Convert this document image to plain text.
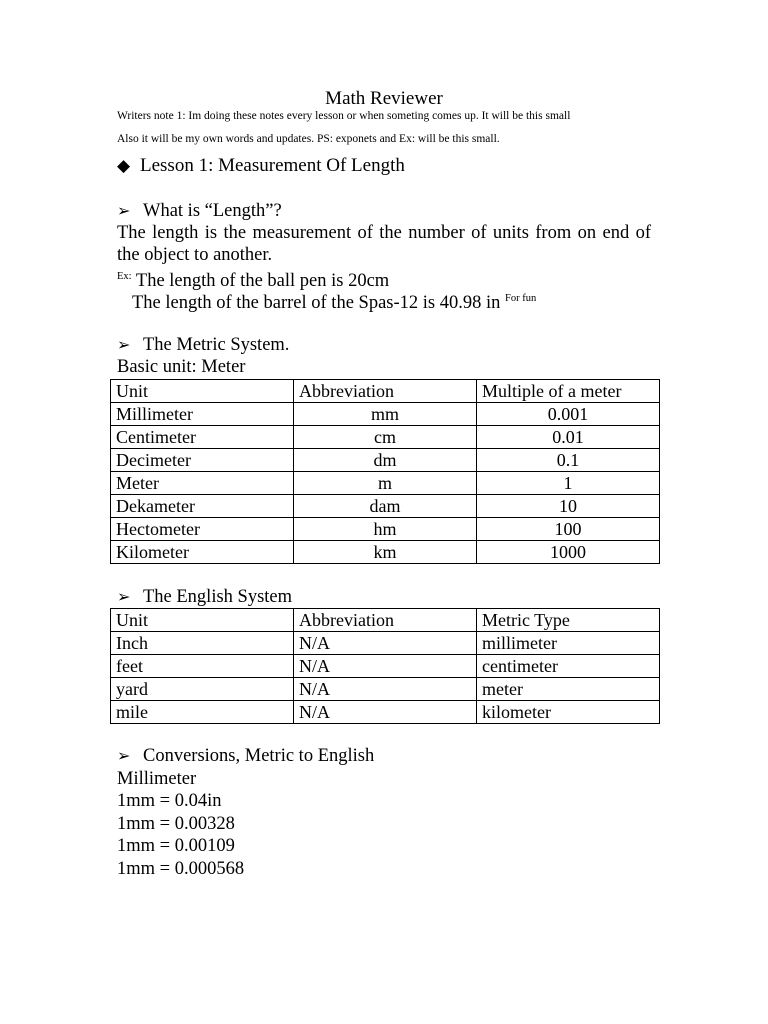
Math Reviewer
Writers note 1: Im doing these notes every lesson or when someting comes up. It will be this small
Also it will be my own words and updates. PS: exponets and Ex: will be this small.
◆ Lesson 1: Measurement Of Length
➢ What is “Length”?
The length is the measurement of the number of units from on end of the object to another.
$^{Ex:}$ The length of the ball pen is 20cm
The length of the barrel of the Spas-12 is 40.98 in $^{For fun}$
➢ The Metric System.
Basic unit: Meter
Unit	Abbreviation	Multiple of a meter
Millimeter	mm	0.001
Centimeter	cm	0.01
Decimeter	dm	0.1
Meter	m	1
Dekameter	dam	10
Hectometer	hm	100
Kilometer	km	1000
➢ The English System
Unit	Abbreviation	Metric Type
Inch	N/A	millimeter
feet	N/A	centimeter
yard	N/A	meter
mile	N/A	kilometer
➢ Conversions, Metric to English
Millimeter
1mm = 0.04in
1mm = 0.00328
1mm = 0.00109
1mm = 0.000568
